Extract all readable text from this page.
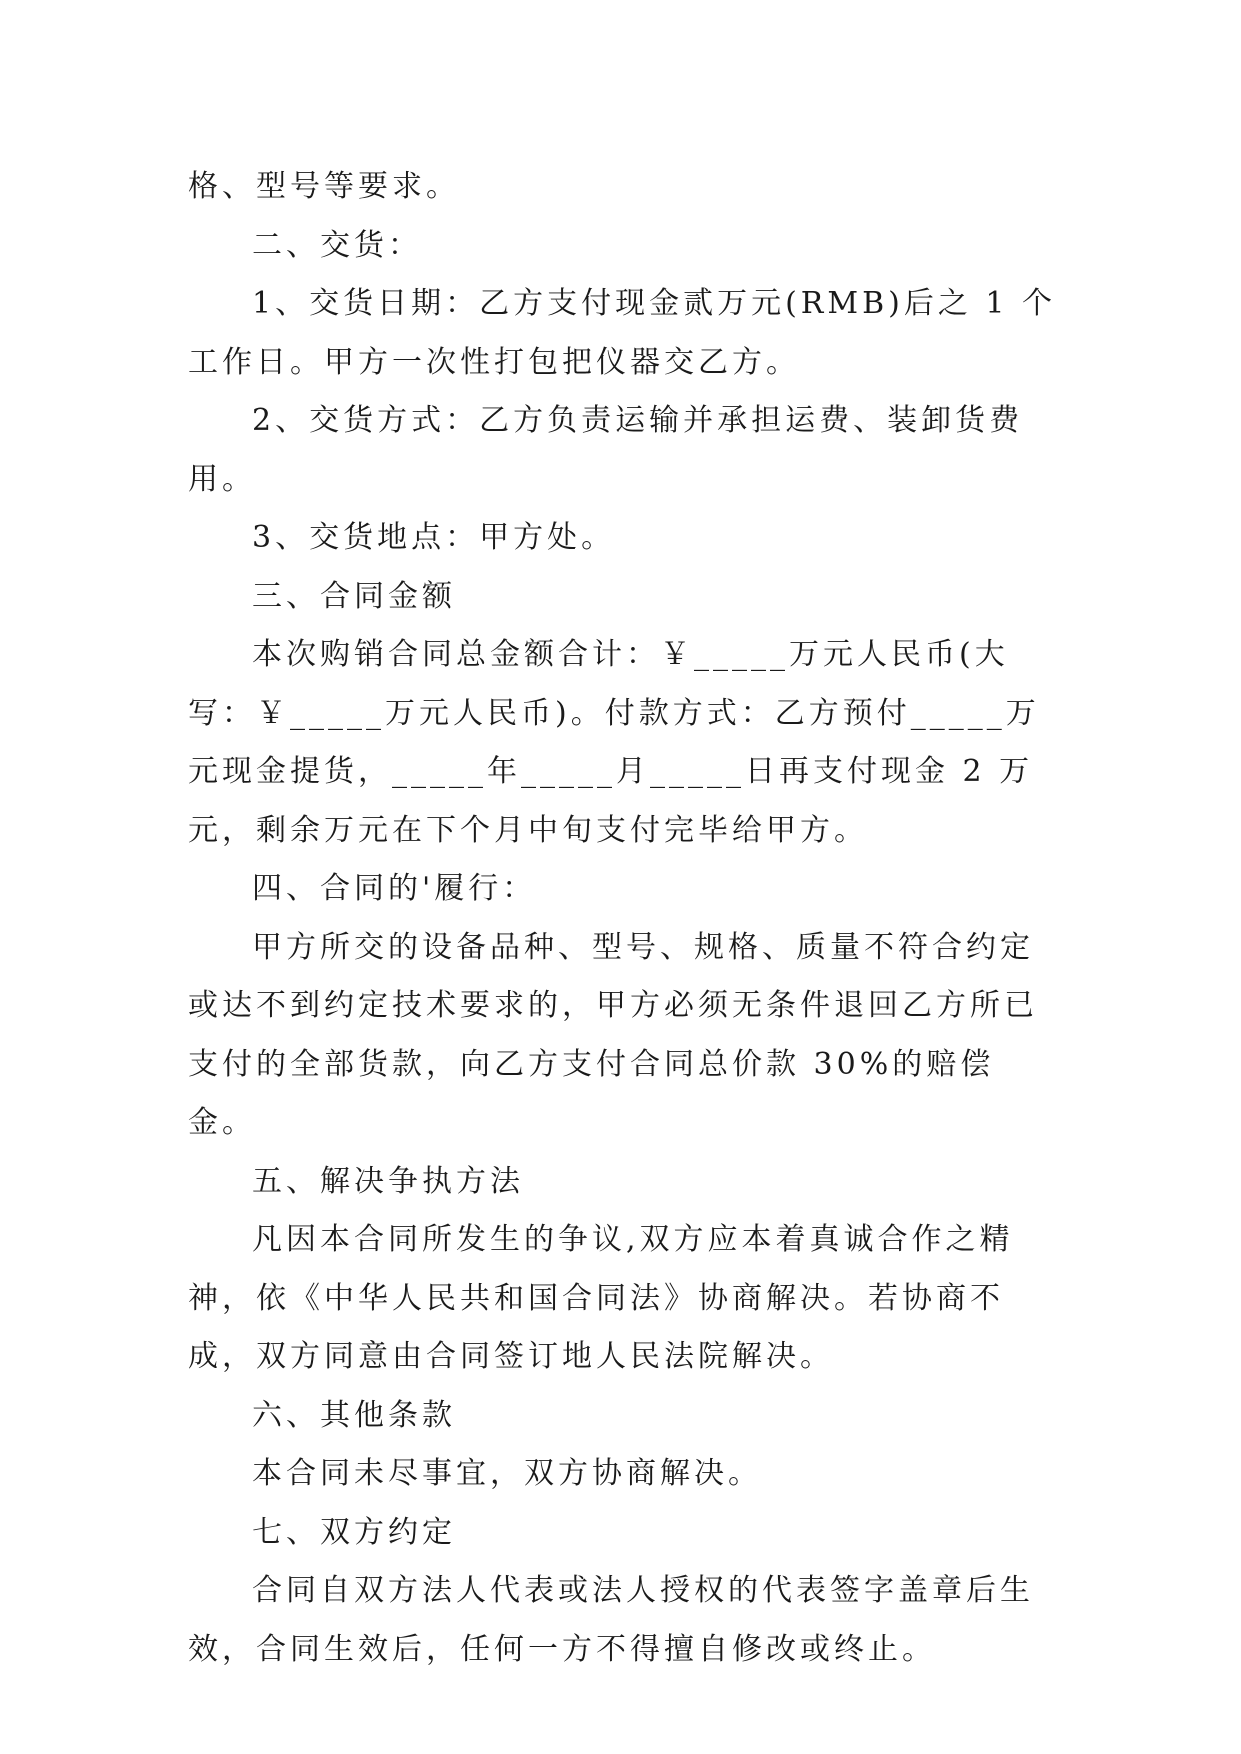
格、型号等要求。

二、交货：

1、交货日期：乙方支付现金贰万元(RMB)后之 1 个工作日。甲方一次性打包把仪器交乙方。

2、交货方式：乙方负责运输并承担运费、装卸货费用。

3、交货地点：甲方处。

三、合同金额

本次购销合同总金额合计：￥_____万元人民币(大写：￥_____万元人民币)。付款方式：乙方预付_____万元现金提货，_____年_____月_____日再支付现金 2 万元，剩余万元在下个月中旬支付完毕给甲方。

四、合同的'履行：

甲方所交的设备品种、型号、规格、质量不符合约定或达不到约定技术要求的，甲方必须无条件退回乙方所已支付的全部货款，向乙方支付合同总价款 30%的赔偿金。

五、解决争执方法

凡因本合同所发生的争议,双方应本着真诚合作之精神，依《中华人民共和国合同法》协商解决。若协商不成，双方同意由合同签订地人民法院解决。

六、其他条款

本合同未尽事宜，双方协商解决。

七、双方约定

合同自双方法人代表或法人授权的代表签字盖章后生效，合同生效后，任何一方不得擅自修改或终止。
